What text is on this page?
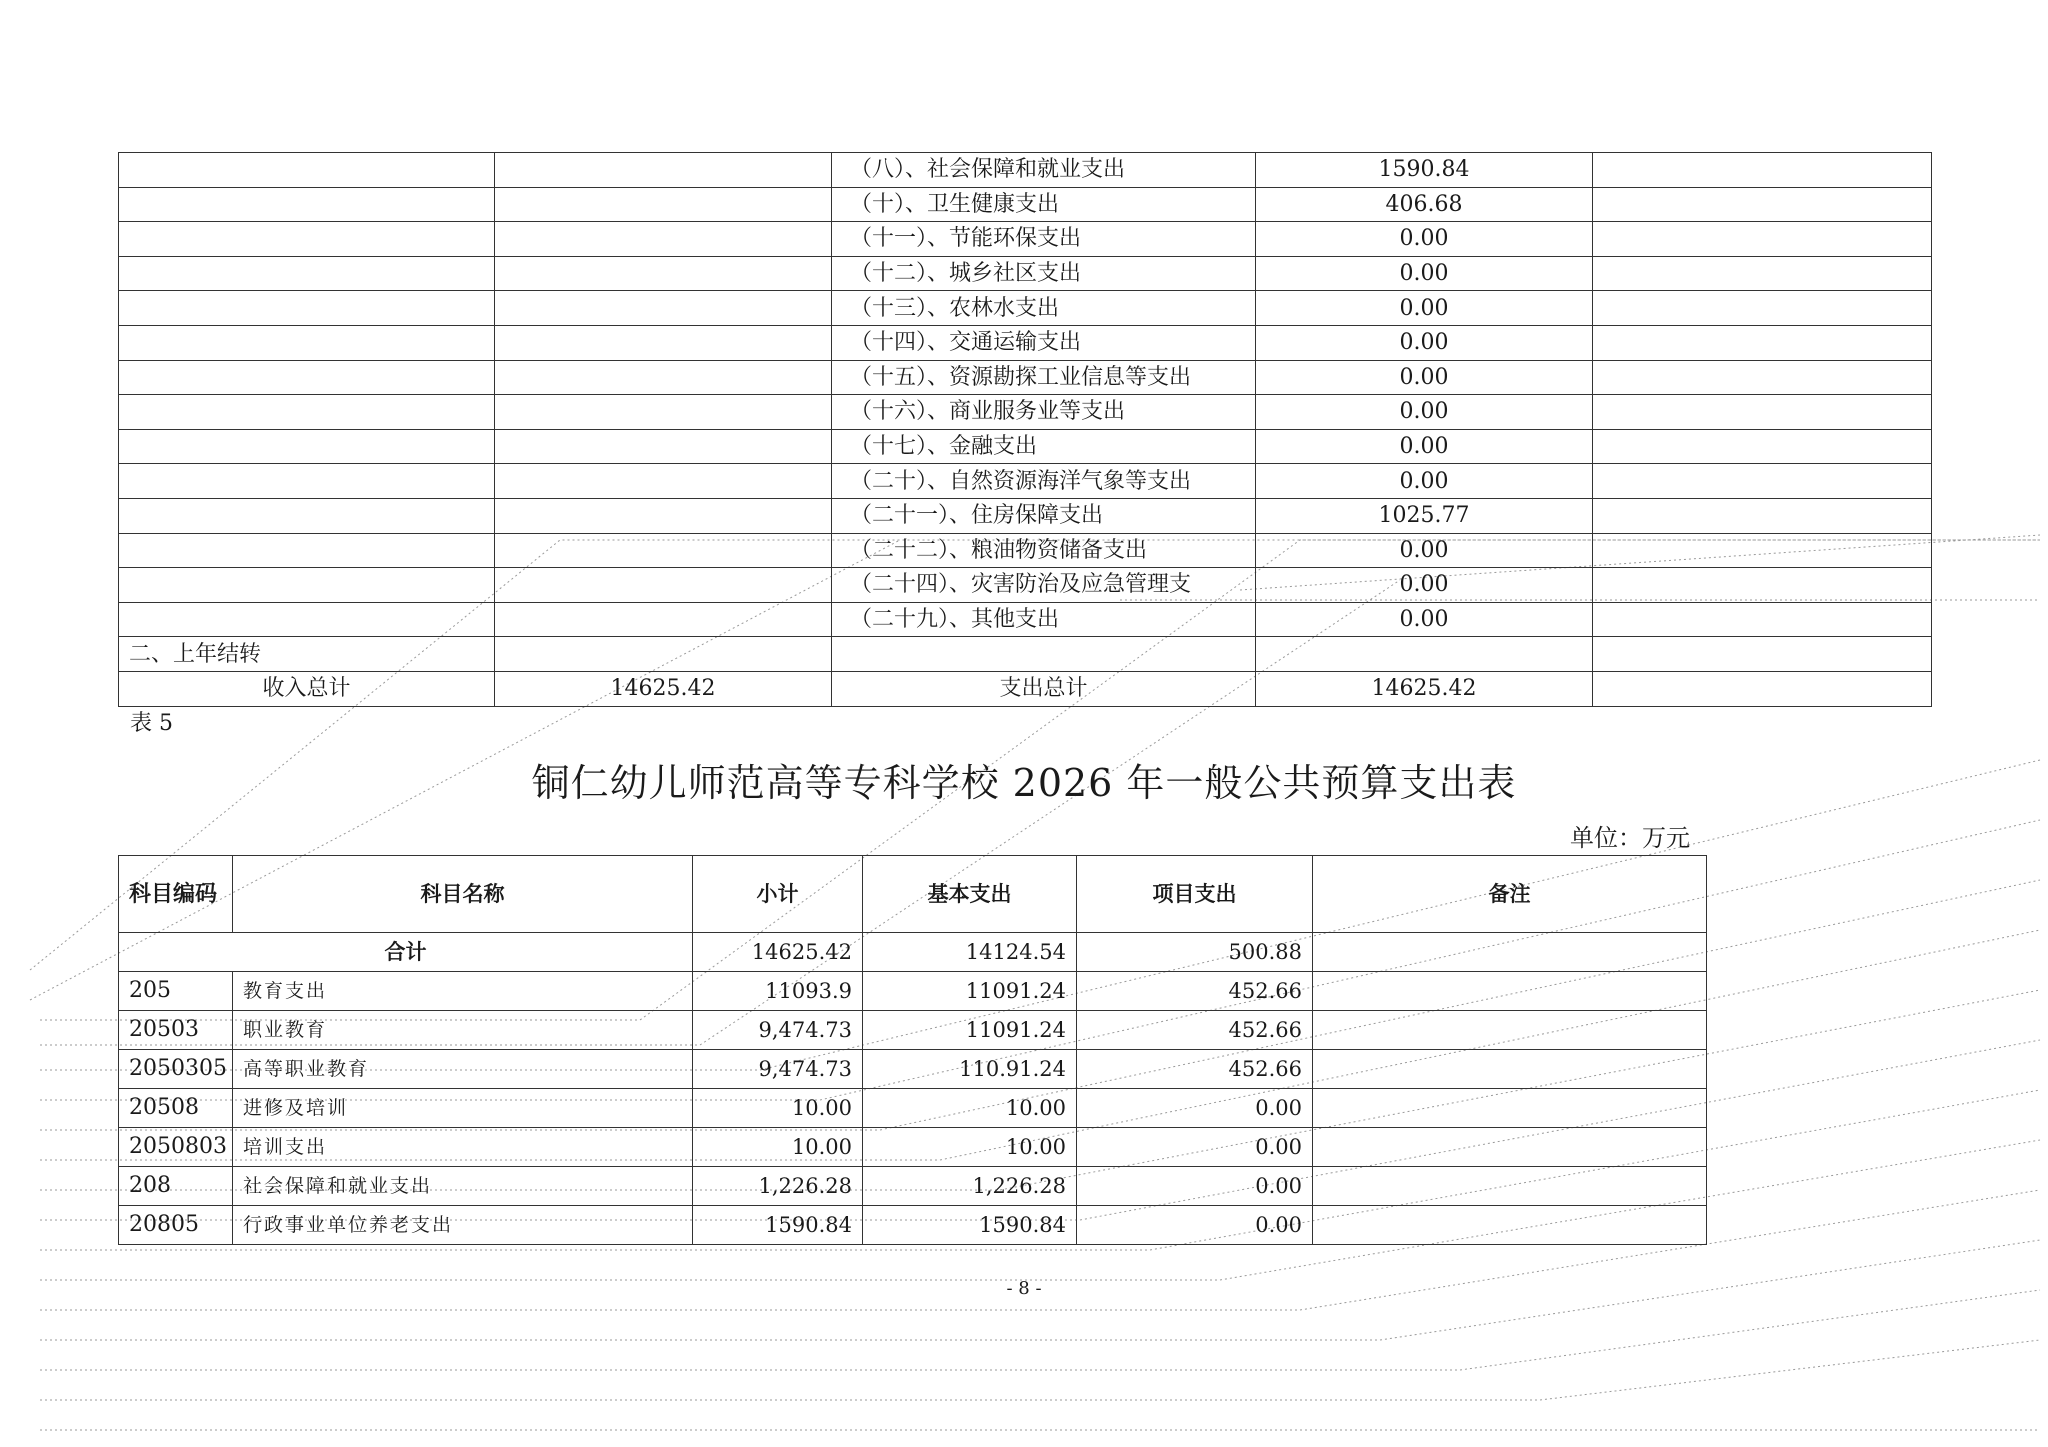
		（八）、社会保障和就业支出	1590.84	
		（十）、卫生健康支出	406.68	
		（十一）、节能环保支出	0.00	
		（十二）、城乡社区支出	0.00	
		（十三）、农林水支出	0.00	
		（十四）、交通运输支出	0.00	
		（十五）、资源勘探工业信息等支出	0.00	
		（十六）、商业服务业等支出	0.00	
		（十七）、金融支出	0.00	
		（二十）、自然资源海洋气象等支出	0.00	
		（二十一）、住房保障支出	1025.77	
		（二十二）、粮油物资储备支出	0.00	
		（二十四）、灾害防治及应急管理支	0.00	
		（二十九）、其他支出	0.00	
二、上年结转				
收入总计	14625.42	支出总计	14625.42	
表 5
铜仁幼儿师范高等专科学校 2026 年一般公共预算支出表
单位：万元
科目编码	科目名称	小计	基本支出	项目支出	备注
合计		14625.42	14124.54	500.88	
205	教育支出	11093.9	11091.24	452.66	
20503	职业教育	9,474.73	11091.24	452.66	
2050305	高等职业教育	9,474.73	110.91.24	452.66	
20508	进修及培训	10.00	10.00	0.00	
2050803	培训支出	10.00	10.00	0.00	
208	社会保障和就业支出	1,226.28	1,226.28	0.00	
20805	行政事业单位养老支出	1590.84	1590.84	0.00	
- 8 -
